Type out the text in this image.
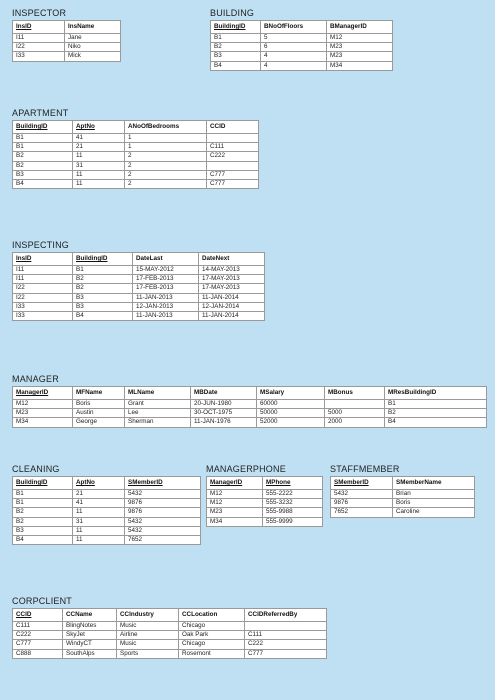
INSPECTOR
InsID	InsName
I11	Jane
I22	Niko
I33	Mick
BUILDING
BuildingID	BNoOfFloors	BManagerID
B1	5	M12
B2	6	M23
B3	4	M23
B4	4	M34
APARTMENT
BuildingID	AptNo	ANoOfBedrooms	CCID
B1	41	1	
B1	21	1	C111
B2	11	2	C222
B2	31	2	
B3	11	2	C777
B4	11	2	C777
INSPECTING
InsID	BuildingID	DateLast	DateNext
I11	B1	15-MAY-2012	14-MAY-2013
I11	B2	17-FEB-2013	17-MAY-2013
I22	B2	17-FEB-2013	17-MAY-2013
I22	B3	11-JAN-2013	11-JAN-2014
I33	B3	12-JAN-2013	12-JAN-2014
I33	B4	11-JAN-2013	11-JAN-2014
MANAGER
ManagerID	MFName	MLName	MBDate	MSalary	MBonus	MResBuildingID
M12	Boris	Grant	20-JUN-1980	60000		B1
M23	Austin	Lee	30-OCT-1975	50000	5000	B2
M34	George	Sherman	11-JAN-1976	52000	2000	B4
CLEANING
BuildingID	AptNo	SMemberID
B1	21	5432
B1	41	9876
B2	11	9876
B2	31	5432
B3	11	5432
B4	11	7652
MANAGERPHONE
ManagerID	MPhone
M12	555-2222
M12	555-3232
M23	555-9988
M34	555-9999
STAFFMEMBER
SMemberID	SMemberName
5432	Brian
9876	Boris
7652	Caroline
CORPCLIENT
CCID	CCName	CCIndustry	CCLocation	CCIDReferredBy
C111	BlingNotes	Music	Chicago	
C222	SkyJet	Airline	Oak Park	C111
C777	WindyCT	Music	Chicago	C222
C888	SouthAlps	Sports	Rosemont	C777
